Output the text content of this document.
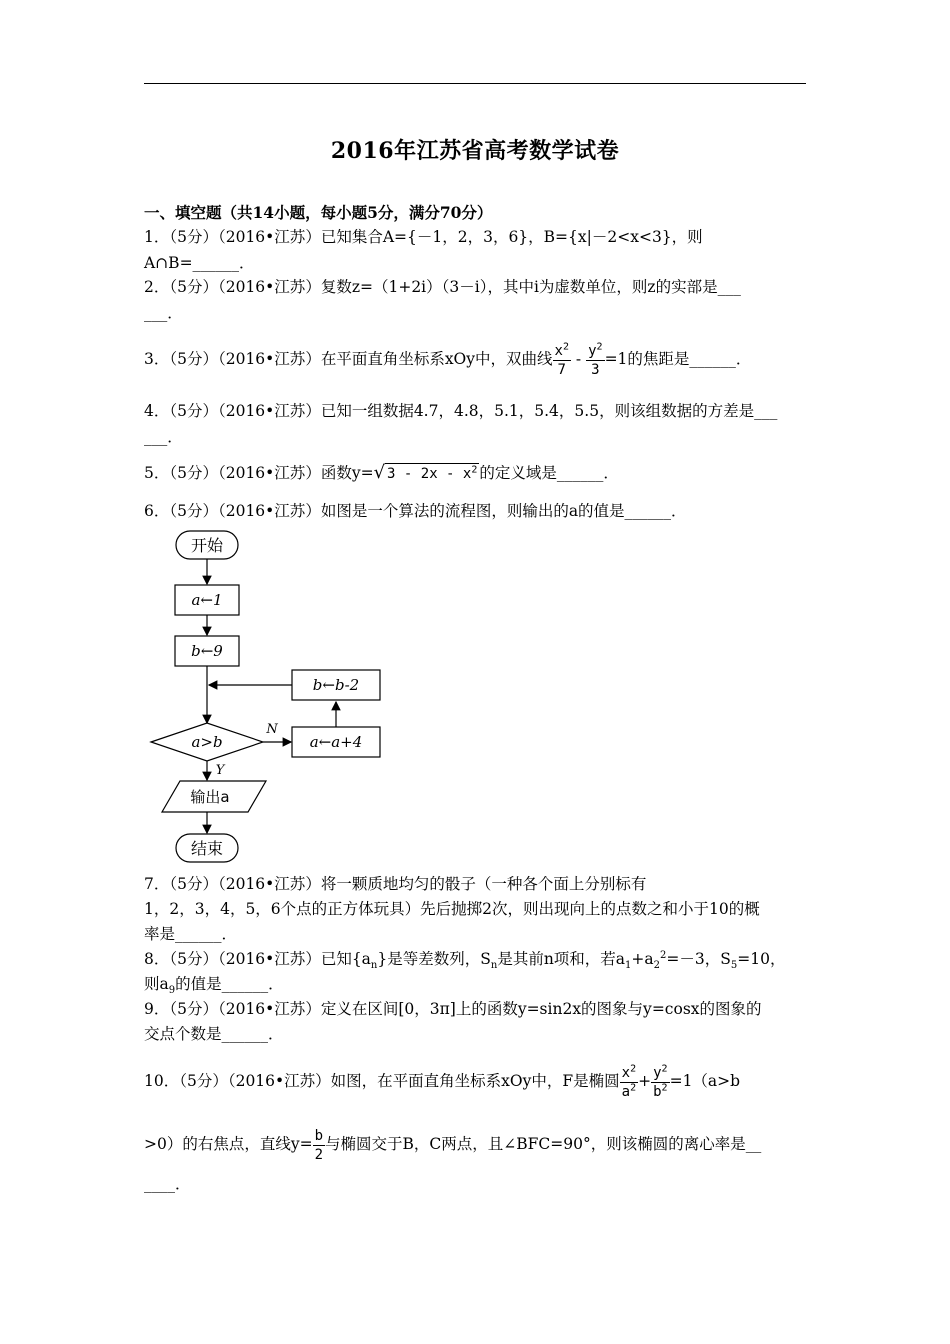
2016年江苏省高考数学试卷
一、填空题（共14小题，每小题5分，满分70分）
1．（5分）（2016•江苏）已知集合A={－1，2，3，6}，B={x|－2<x<3}，则
A∩B=______．
2．（5分）（2016•江苏）复数z=（1+2i）（3－i），其中i为虚数单位，则z的实部是___
___．
3．（5分）（2016•江苏）在平面直角坐标系xOy中，双曲线 $\frac{x^2}{7} - \frac{y^2}{3} =1$的焦距是______．
4．（5分）（2016•江苏）已知一组数据4.7，4.8，5.1，5.4，5.5，则该组数据的方差是___
___．
5．（5分）（2016•江苏）函数y=√ $3 - 2x - x^2$ 的定义域是______．
6．（5分）（2016•江苏）如图是一个算法的流程图，则输出的a的值是______．
开始
a←1
b←9
b←b-2
a>b
N
a←a+4
Y
输出a
结束
7．（5分）（2016•江苏）将一颗质地均匀的骰子（一种各个面上分别标有
1，2，3，4，5，6个点的正方体玩具）先后抛掷2次，则出现向上的点数之和小于10的概
率是______．
8．（5分）（2016•江苏）已知$\{a_n\}$是等差数列，$S_n$是其前n项和，若$a_1+a_2^2=-3$，$S_5=10$，
则$a_9$的值是______．
9．（5分）（2016•江苏）定义在区间[0，3π]上的函数y=sin2x的图象与y=cosx的图象的
交点个数是______．
10．（5分）（2016•江苏）如图，在平面直角坐标系xOy中，F是椭圆 $\frac{x^2}{a^2} + \frac{y^2}{b^2} =1(a>b$
>0）的右焦点，直线$y= \frac{b}{2}$ 与椭圆交于B，C两点，且∠BFC=90°，则该椭圆的离心率是__
____．
